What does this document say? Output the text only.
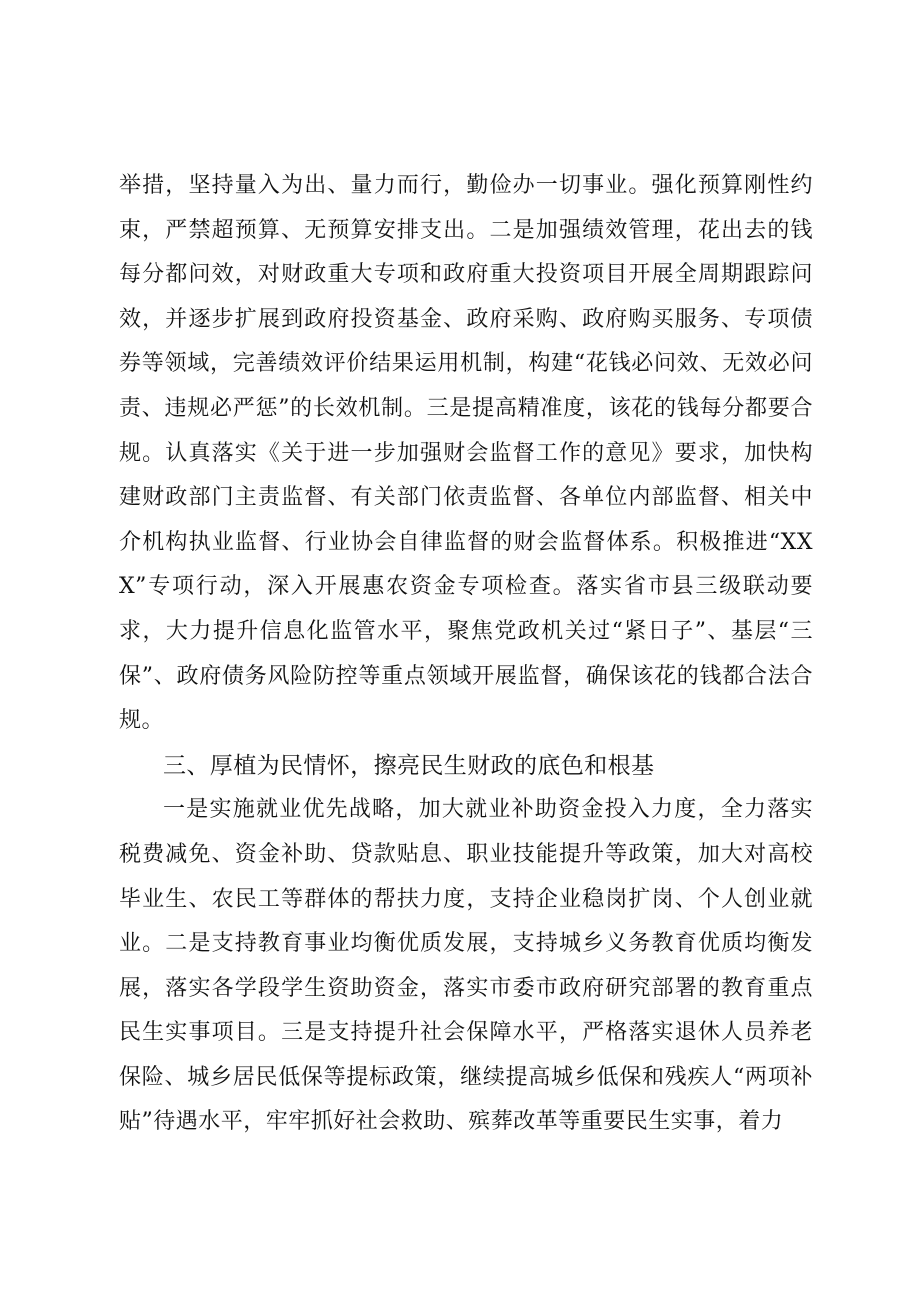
举措，坚持量入为出、量力而行，勤俭办一切事业。强化预算刚性约束，严禁超预算、无预算安排支出。二是加强绩效管理，花出去的钱每分都问效，对财政重大专项和政府重大投资项目开展全周期跟踪问效，并逐步扩展到政府投资基金、政府采购、政府购买服务、专项债券等领域，完善绩效评价结果运用机制，构建“花钱必问效、无效必问责、违规必严惩”的长效机制。三是提高精准度，该花的钱每分都要合规。认真落实《关于进一步加强财会监督工作的意见》要求，加快构建财政部门主责监督、有关部门依责监督、各单位内部监督、相关中介机构执业监督、行业协会自律监督的财会监督体系。积极推进“XXX”专项行动，深入开展惠农资金专项检查。落实省市县三级联动要求，大力提升信息化监管水平，聚焦党政机关过“紧日子”、基层“三保”、政府债务风险防控等重点领域开展监督，确保该花的钱都合法合规。

三、厚植为民情怀，擦亮民生财政的底色和根基

一是实施就业优先战略，加大就业补助资金投入力度，全力落实税费减免、资金补助、贷款贴息、职业技能提升等政策，加大对高校毕业生、农民工等群体的帮扶力度，支持企业稳岗扩岗、个人创业就业。二是支持教育事业均衡优质发展，支持城乡义务教育优质均衡发展，落实各学段学生资助资金，落实市委市政府研究部署的教育重点民生实事项目。三是支持提升社会保障水平，严格落实退休人员养老保险、城乡居民低保等提标政策，继续提高城乡低保和残疾人“两项补贴”待遇水平，牢牢抓好社会救助、殡葬改革等重要民生实事，着力
